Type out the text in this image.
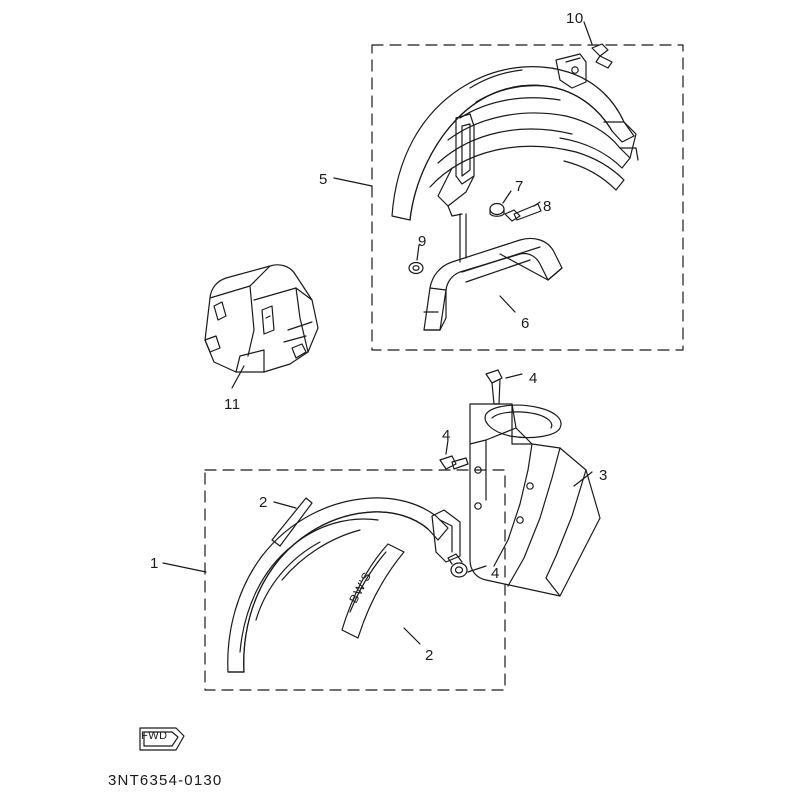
BW'S
10
5	7
8
9
6
11
4
4
3
2
1
4
2
FWD
3NT6354-0130
